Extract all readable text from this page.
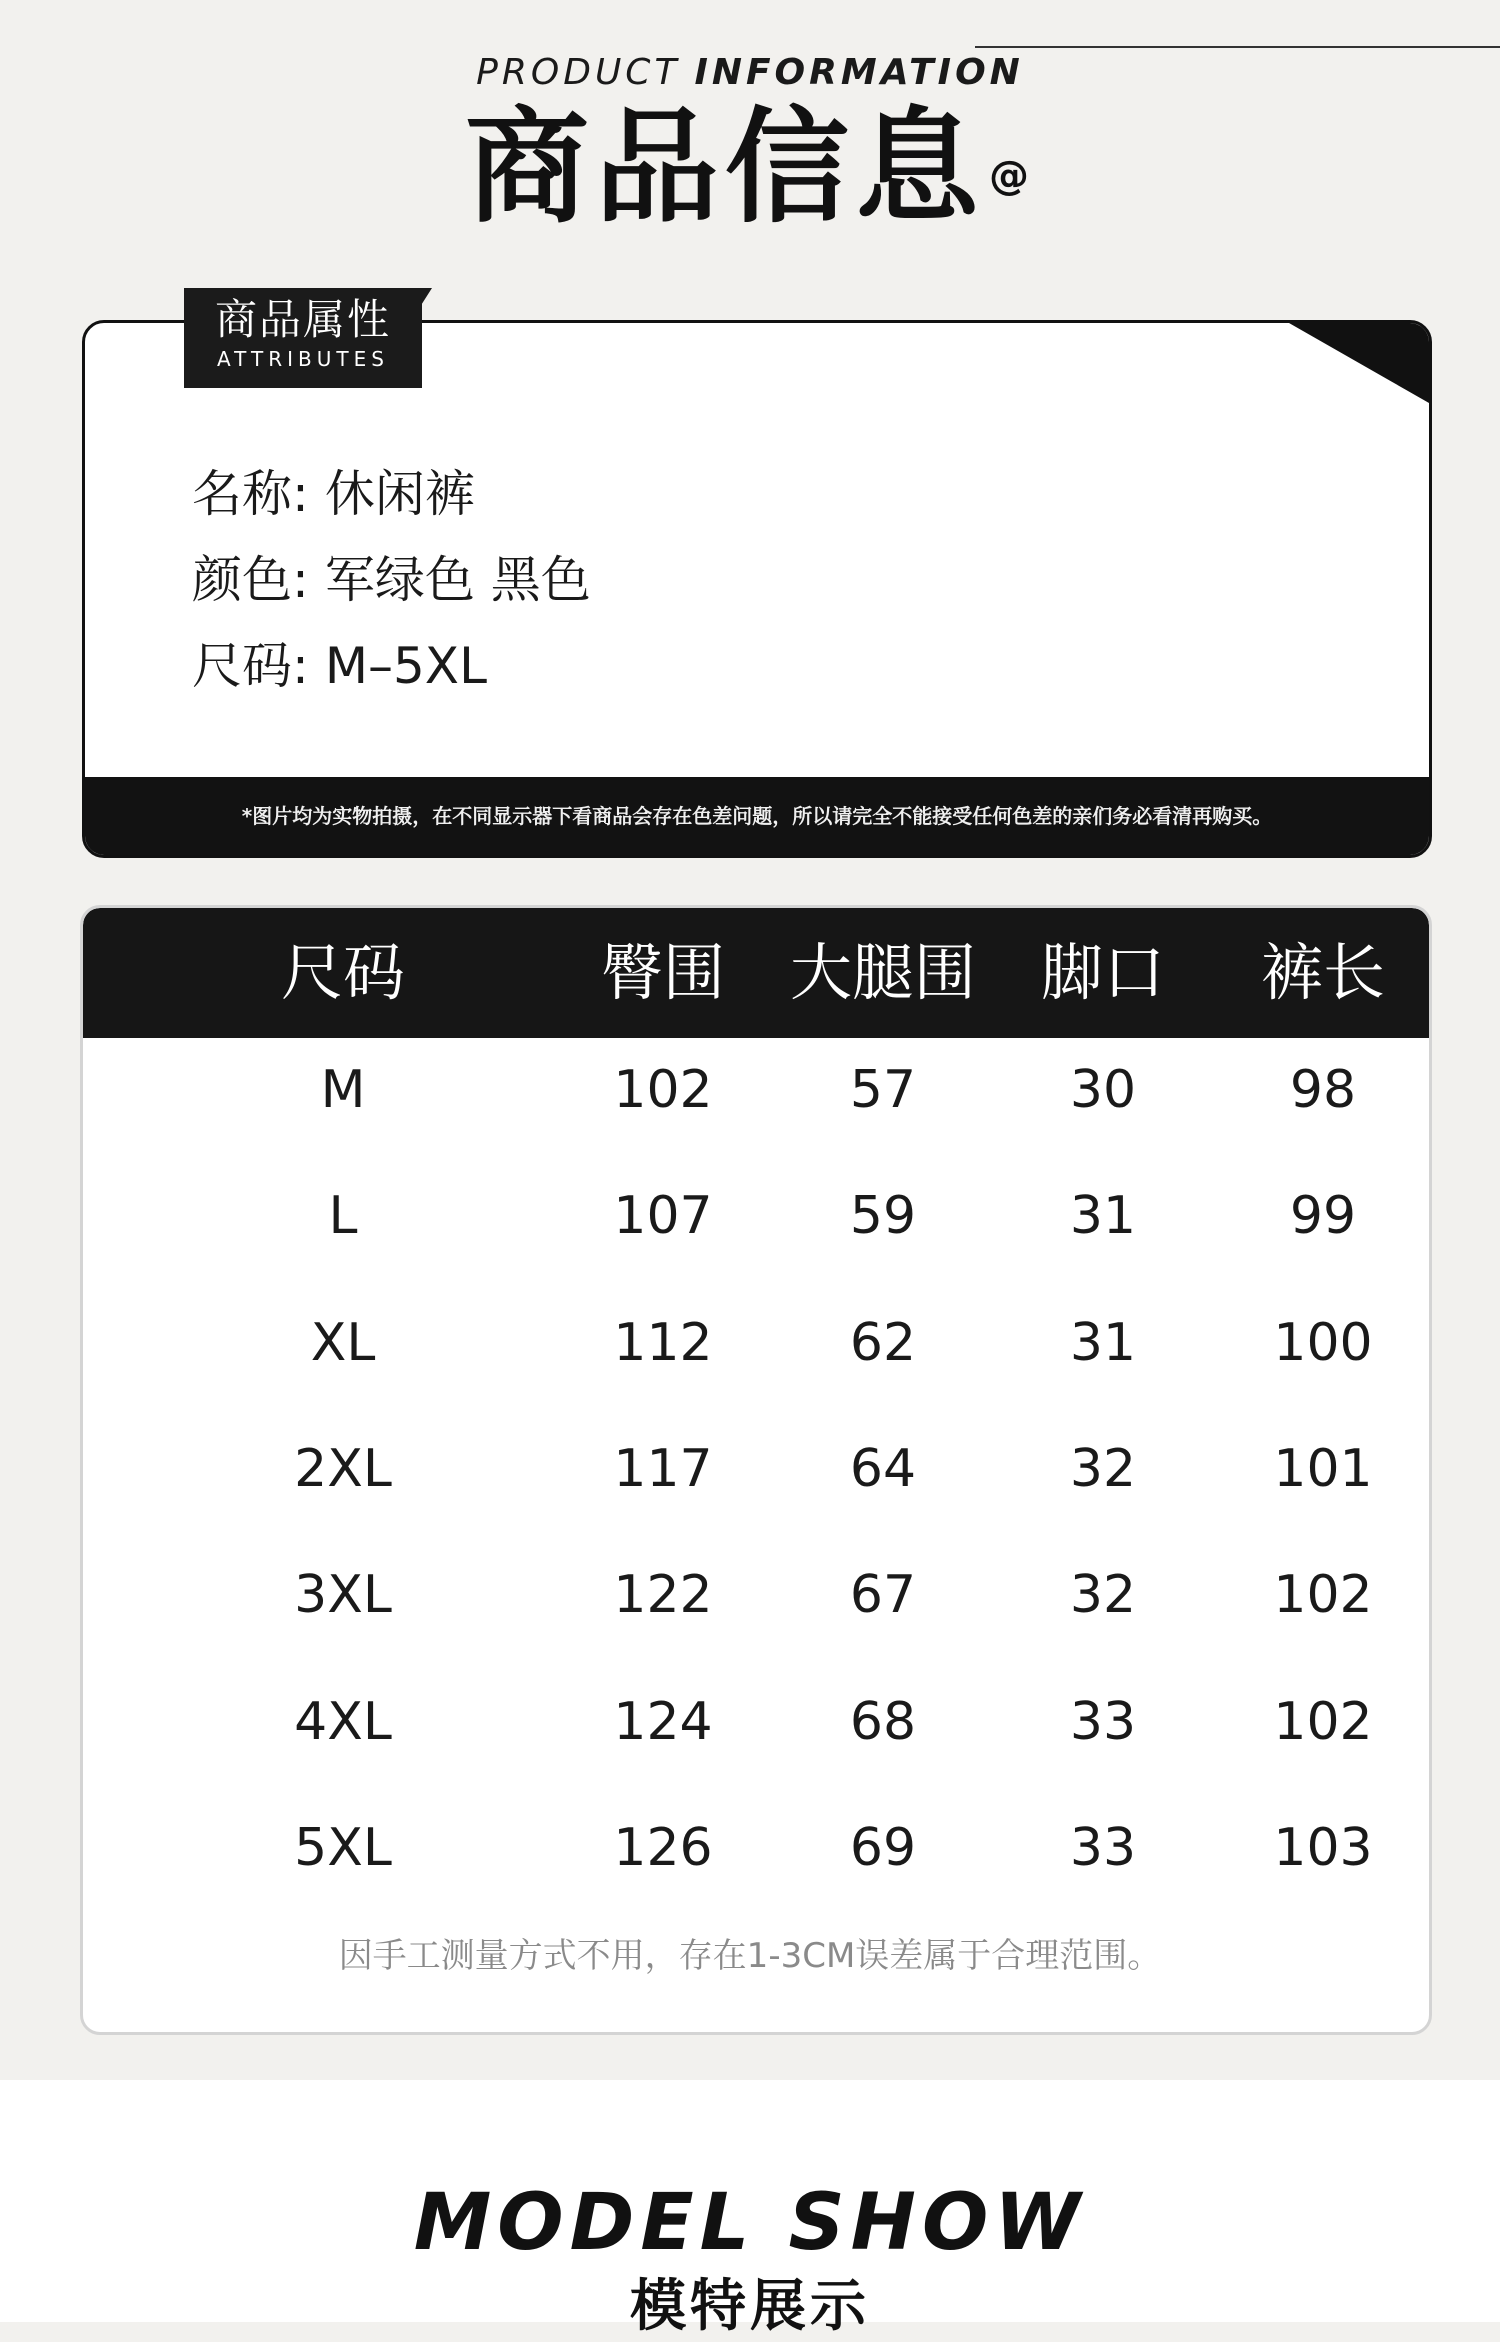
PRODUCT INFORMATION
商品信息 @
*图片均为实物拍摄，在不同显示器下看商品会存在色差问题，所以请完全不能接受任何色差的亲们务必看清再购买。
商品属性
ATTRIBUTES
名称: 休闲裤
颜色: 军绿色 黑色
尺码: M–5XL
尺码	臀围	大腿围	脚口	裤长
M	102	57	30	98
L	107	59	31	99
XL	112	62	31	100
2XL	117	64	32	101
3XL	122	67	32	102
4XL	124	68	33	102
5XL	126	69	33	103
因手工测量方式不用，存在1-3CM误差属于合理范围。
MODEL SHOW
模特展示
